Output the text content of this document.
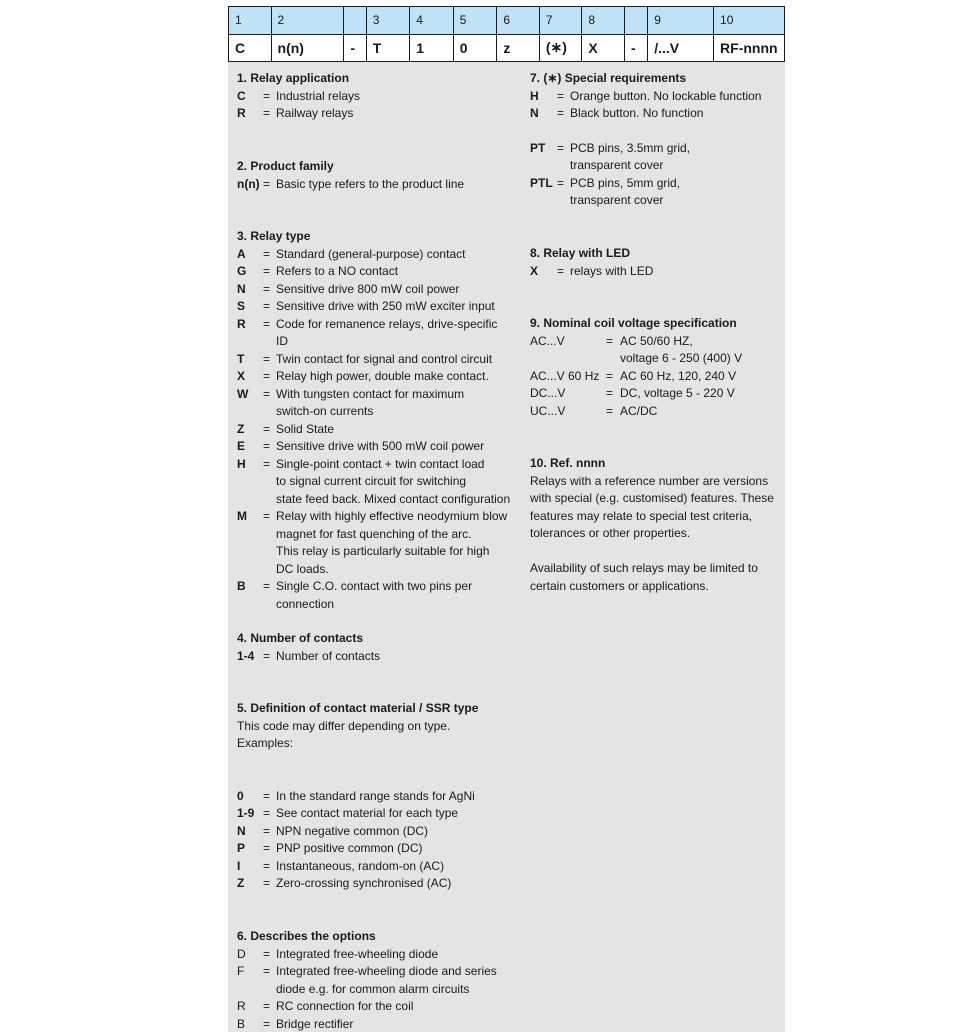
1	2		3	4	5	6	7	8		9	10
C	n(n)	-	T	1	0	z	(∗)	X	-	/...V	RF-nnnn
1. Relay application
C	= Industrial relays
R	= Railway relays
2. Product family
n(n) = Basic type refers to the product line
3. Relay type
A	= Standard (general-purpose) contact
G	= Refers to a NO contact
N	= Sensitive drive 800 mW coil power
S	= Sensitive drive with 250 mW exciter input
R	= Code for remanence relays, drive-specific ID
T	= Twin contact for signal and control circuit
X	= Relay high power, double make contact.
W	= With tungsten contact for maximum
switch-on currents
Z	= Solid State
E	= Sensitive drive with 500 mW coil power
H	= Single-point contact + twin contact load
to signal current circuit for switching
state feed back. Mixed contact configuration
M	= Relay with highly effective neodymium blow
magnet for fast quenching of the arc.
This relay is particularly suitable for high
DC loads.
B	= Single C.O. contact with two pins per
connection
4. Number of contacts
1-4 = Number of contacts
5. Definition of contact material / SSR type
This code may differ depending on type.
Examples:
0	= In the standard range stands for AgNi
1-9 = See contact material for each type
N	= NPN negative common (DC)
P	= PNP positive common (DC)
I	= Instantaneous, random-on (AC)
Z	= Zero-crossing synchronised (AC)
6. Describes the options
D	= Integrated free-wheeling diode
F	= Integrated free-wheeling diode and series
diode e.g. for common alarm circuits
R	= RC connection for the coil
B	= Bridge rectifier
7. (∗) Special requirements
H	= Orange button. No lockable function
N	= Black button. No function
PT = PCB pins, 3.5mm grid,
transparent cover
PTL = PCB pins, 5mm grid,
transparent cover
8. Relay with LED
X	= relays with LED
9. Nominal coil voltage specification
AC...V	= AC 50/60 HZ,
voltage 6 - 250 (400) V
AC...V 60 Hz = AC 60 Hz, 120, 240 V
DC...V	= DC, voltage 5 - 220 V
UC...V	= AC/DC
10. Ref. nnnn
Relays with a reference number are versions
with special (e.g. customised) features. These
features may relate to special test criteria,
tolerances or other properties.
Availability of such relays may be limited to
certain customers or applications.
